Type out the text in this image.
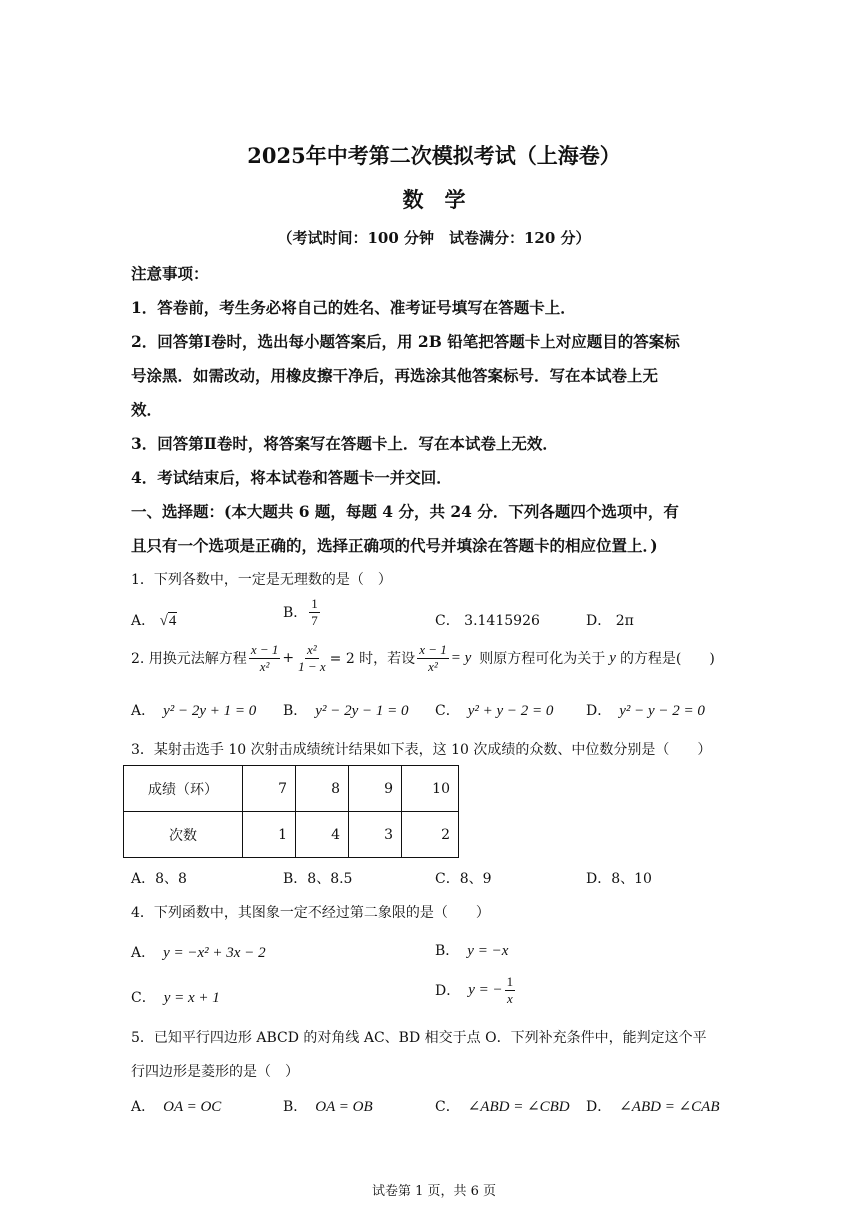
2025年中考第二次模拟考试（上海卷）
数　学
（考试时间：100 分钟　试卷满分：120 分）
注意事项：
1．答卷前，考生务必将自己的姓名、准考证号填写在答题卡上．
2．回答第Ⅰ卷时，选出每小题答案后，用 2B 铅笔把答题卡上对应题目的答案标
号涂黑．如需改动，用橡皮擦干净后，再选涂其他答案标号．写在本试卷上无
效．
3．回答第Ⅱ卷时，将答案写在答题卡上．写在本试卷上无效．
4．考试结束后，将本试卷和答题卡一并交回．
一、选择题：(本大题共 6 题，每题 4 分，共 24 分．下列各题四个选项中，有
且只有一个选项是正确的，选择正确项的代号并填涂在答题卡的相应位置上．)
1．下列各数中，一定是无理数的是（　）
A． √4	B． $\frac{1}{7}$	C． 3.1415926	D． 2π
2. 用换元法解方程 $\frac{x - 1}{\text{x²}} + \frac{\text{x²}}{1 - x} = 2$ 时，若设 $\frac{x - 1}{\text{x²}} = y$ 则原方程可化为关于 y 的方程是(　　)
A． y² − 2y + 1 = 0 B． y² − 2y − 1 = 0 C． y² + y − 2 = 0 D． y² − y − 2 = 0
3．某射击选手 10 次射击成绩统计结果如下表，这 10 次成绩的众数、中位数分别是（　　）
成绩（环）	7	8	9	10
次数	1	4	3	2
A．8、8	B．8、8.5	C．8、9	D．8、10
4．下列函数中，其图象一定不经过第二象限的是（　　）
A． y = −x² + 3x − 2	B． y = −x
C． y = x + 1	D． y = − $\frac{1}{x}$
5．已知平行四边形 ABCD 的对角线 AC、BD 相交于点 O．下列补充条件中，能判定这个平
行四边形是菱形的是（　）
A． OA = OC	B． OA = OB	C． ∠ABD = ∠CBD D． ∠ABD = ∠CAB
试卷第 1 页，共 6 页
